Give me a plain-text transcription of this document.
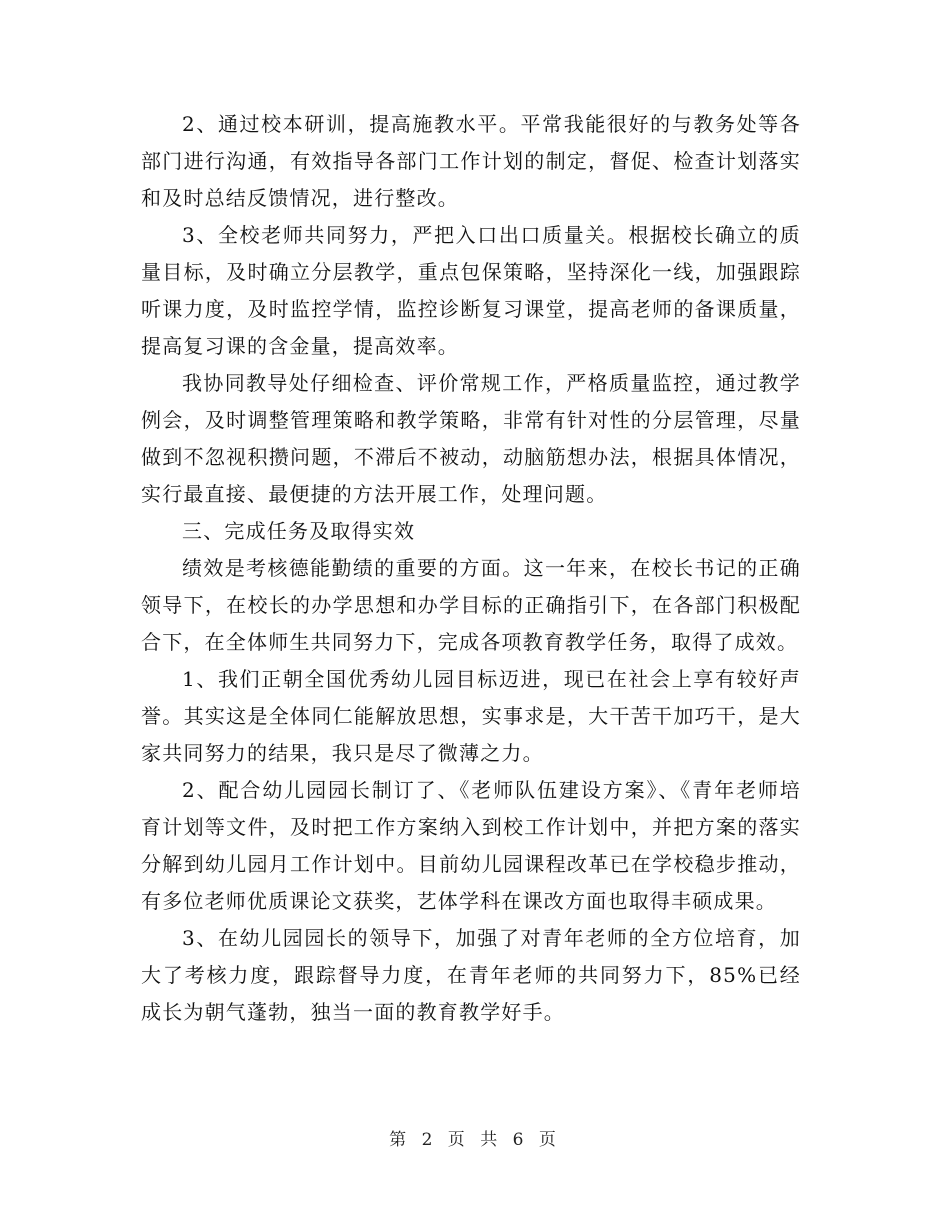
2、通过校本研训，提高施教水平。平常我能很好的与教务处等各部门进行沟通，有效指导各部门工作计划的制定，督促、检查计划落实和及时总结反馈情况，进行整改。

3、全校老师共同努力，严把入口出口质量关。根据校长确立的质量目标，及时确立分层教学，重点包保策略，坚持深化一线，加强跟踪听课力度，及时监控学情，监控诊断复习课堂，提高老师的备课质量，提高复习课的含金量，提高效率。

我协同教导处仔细检查、评价常规工作，严格质量监控，通过教学例会，及时调整管理策略和教学策略，非常有针对性的分层管理，尽量做到不忽视积攒问题，不滞后不被动，动脑筋想办法，根据具体情况，实行最直接、最便捷的方法开展工作，处理问题。

三、完成任务及取得实效

绩效是考核德能勤绩的重要的方面。这一年来，在校长书记的正确领导下，在校长的办学思想和办学目标的正确指引下，在各部门积极配合下，在全体师生共同努力下，完成各项教育教学任务，取得了成效。

1、我们正朝全国优秀幼儿园目标迈进，现已在社会上享有较好声誉。其实这是全体同仁能解放思想，实事求是，大干苦干加巧干，是大家共同努力的结果，我只是尽了微薄之力。

2、配合幼儿园园长制订了、《老师队伍建设方案》、《青年老师培育计划等文件，及时把工作方案纳入到校工作计划中，并把方案的落实分解到幼儿园月工作计划中。目前幼儿园课程改革已在学校稳步推动，有多位老师优质课论文获奖，艺体学科在课改方面也取得丰硕成果。

3、在幼儿园园长的领导下，加强了对青年老师的全方位培育，加大了考核力度，跟踪督导力度，在青年老师的共同努力下，85%已经成长为朝气蓬勃，独当一面的教育教学好手。

第 2 页 共 6 页
